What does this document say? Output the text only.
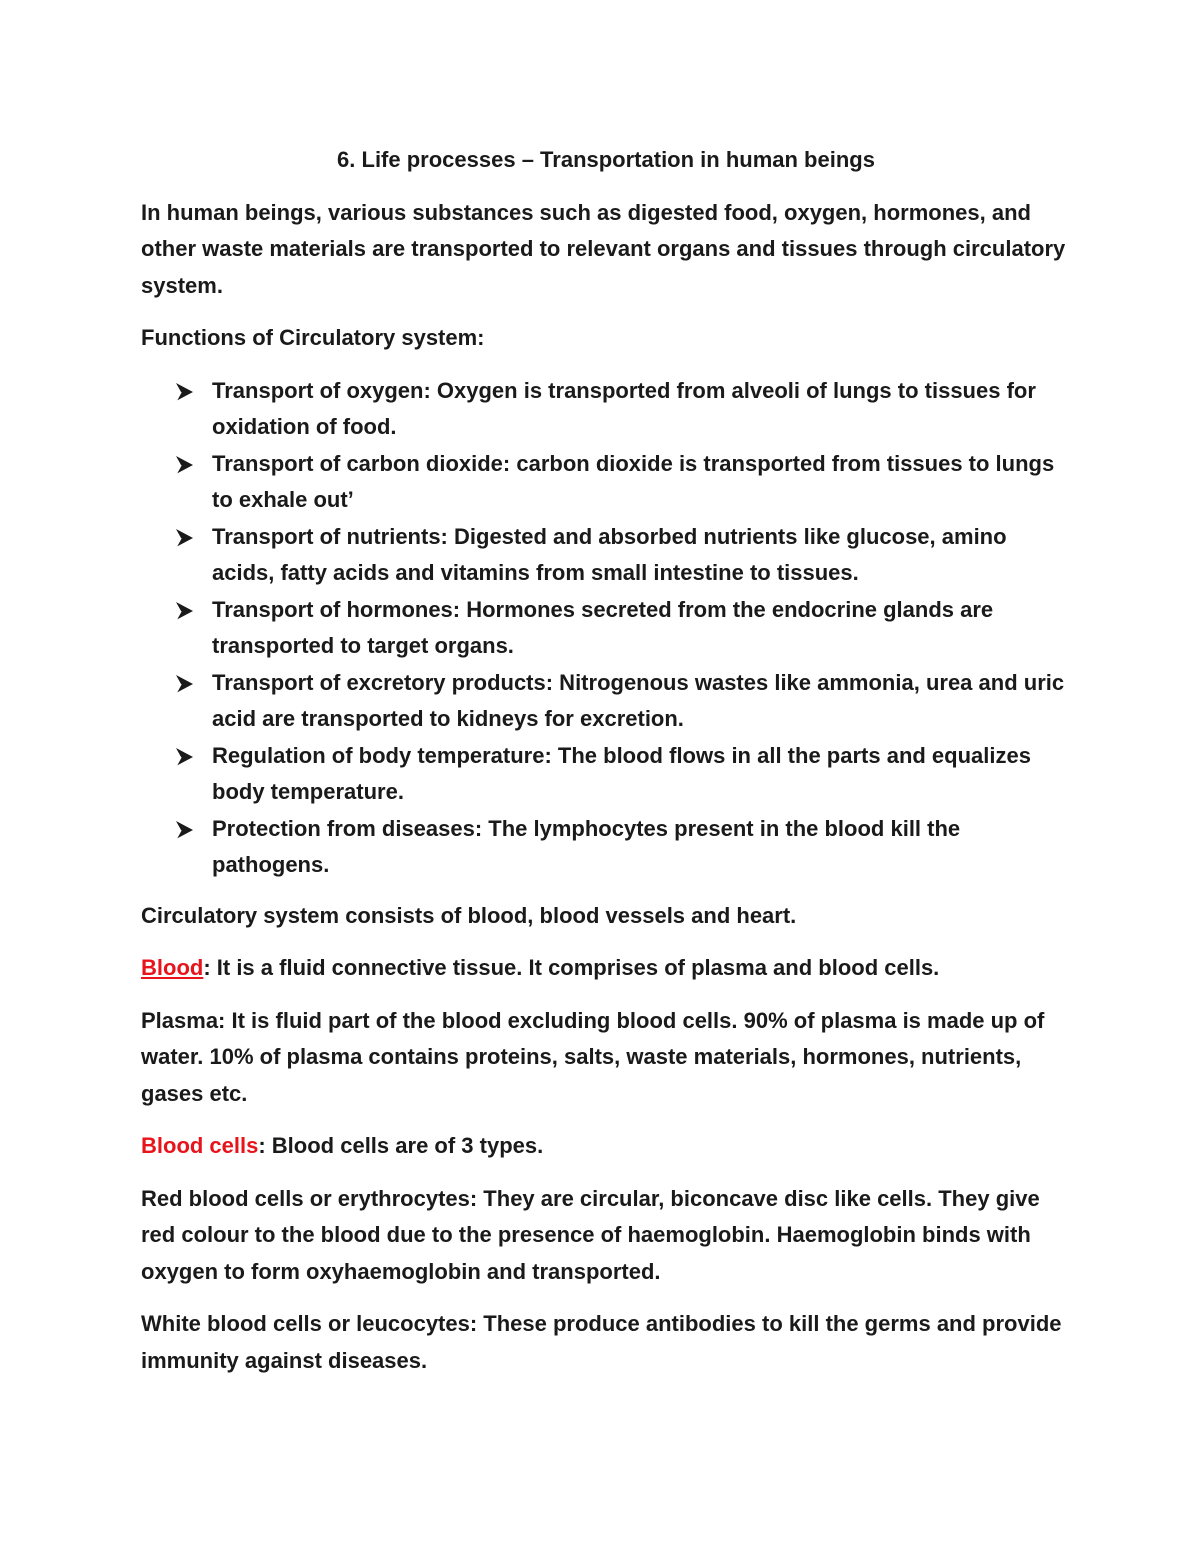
6. Life processes – Transportation in human beings

In human beings, various substances such as digested food, oxygen, hormones, and other waste materials are transported to relevant organs and tissues through circulatory system.

Functions of Circulatory system:

Transport of oxygen: Oxygen is transported from alveoli of lungs to tissues for oxidation of food.
Transport of carbon dioxide: carbon dioxide is transported from tissues to lungs to exhale out’
Transport of nutrients: Digested and absorbed nutrients like glucose, amino acids, fatty acids and vitamins from small intestine to tissues.
Transport of hormones: Hormones secreted from the endocrine glands are transported to target organs.
Transport of excretory products: Nitrogenous wastes like ammonia, urea and uric acid are transported to kidneys for excretion.
Regulation of body temperature: The blood flows in all the parts and equalizes body temperature.
Protection from diseases: The lymphocytes present in the blood kill the pathogens.

Circulatory system consists of blood, blood vessels and heart.

Blood: It is a fluid connective tissue. It comprises of plasma and blood cells.

Plasma: It is fluid part of the blood excluding blood cells. 90% of plasma is made up of water. 10% of plasma contains proteins, salts, waste materials, hormones, nutrients, gases etc.

Blood cells: Blood cells are of 3 types.

Red blood cells or erythrocytes: They are circular, biconcave disc like cells. They give red colour to the blood due to the presence of haemoglobin. Haemoglobin binds with oxygen to form oxyhaemoglobin and transported.

White blood cells or leucocytes: These produce antibodies to kill the germs and provide immunity against diseases.
